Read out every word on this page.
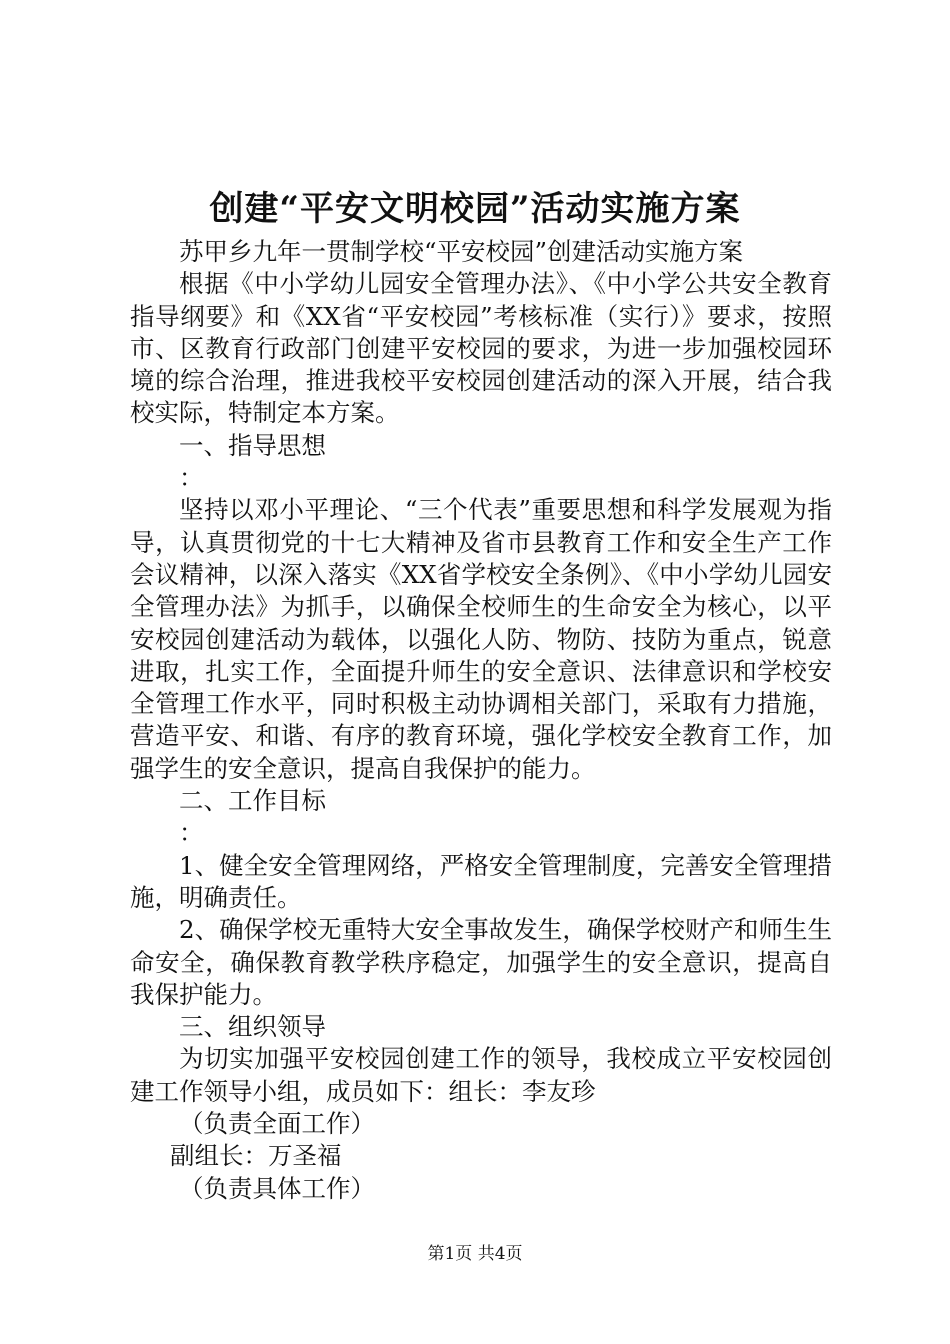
创建“平安文明校园”活动实施方案

苏甲乡九年一贯制学校“平安校园”创建活动实施方案

根据《中小学幼儿园安全管理办法》、《中小学公共安全教育指导纲要》和《XX省“平安校园”考核标准（实行）》要求，按照市、区教育行政部门创建平安校园的要求，为进一步加强校园环境的综合治理，推进我校平安校园创建活动的深入开展，结合我校实际，特制定本方案。

一、指导思想

：

坚持以邓小平理论、“三个代表”重要思想和科学发展观为指导，认真贯彻党的十七大精神及省市县教育工作和安全生产工作会议精神，以深入落实《XX省学校安全条例》、《中小学幼儿园安全管理办法》为抓手，以确保全校师生的生命安全为核心，以平安校园创建活动为载体，以强化人防、物防、技防为重点，锐意进取，扎实工作，全面提升师生的安全意识、法律意识和学校安全管理工作水平，同时积极主动协调相关部门，采取有力措施，营造平安、和谐、有序的教育环境，强化学校安全教育工作，加强学生的安全意识，提高自我保护的能力。

二、工作目标

：

1、健全安全管理网络，严格安全管理制度，完善安全管理措施，明确责任。

2、确保学校无重特大安全事故发生，确保学校财产和师生生命安全，确保教育教学秩序稳定，加强学生的安全意识，提高自我保护能力。

三、组织领导

为切实加强平安校园创建工作的领导，我校成立平安校园创建工作领导小组，成员如下：组长：李友珍

（负责全面工作）

副组长：万圣福

（负责具体工作）

第1页 共4页
